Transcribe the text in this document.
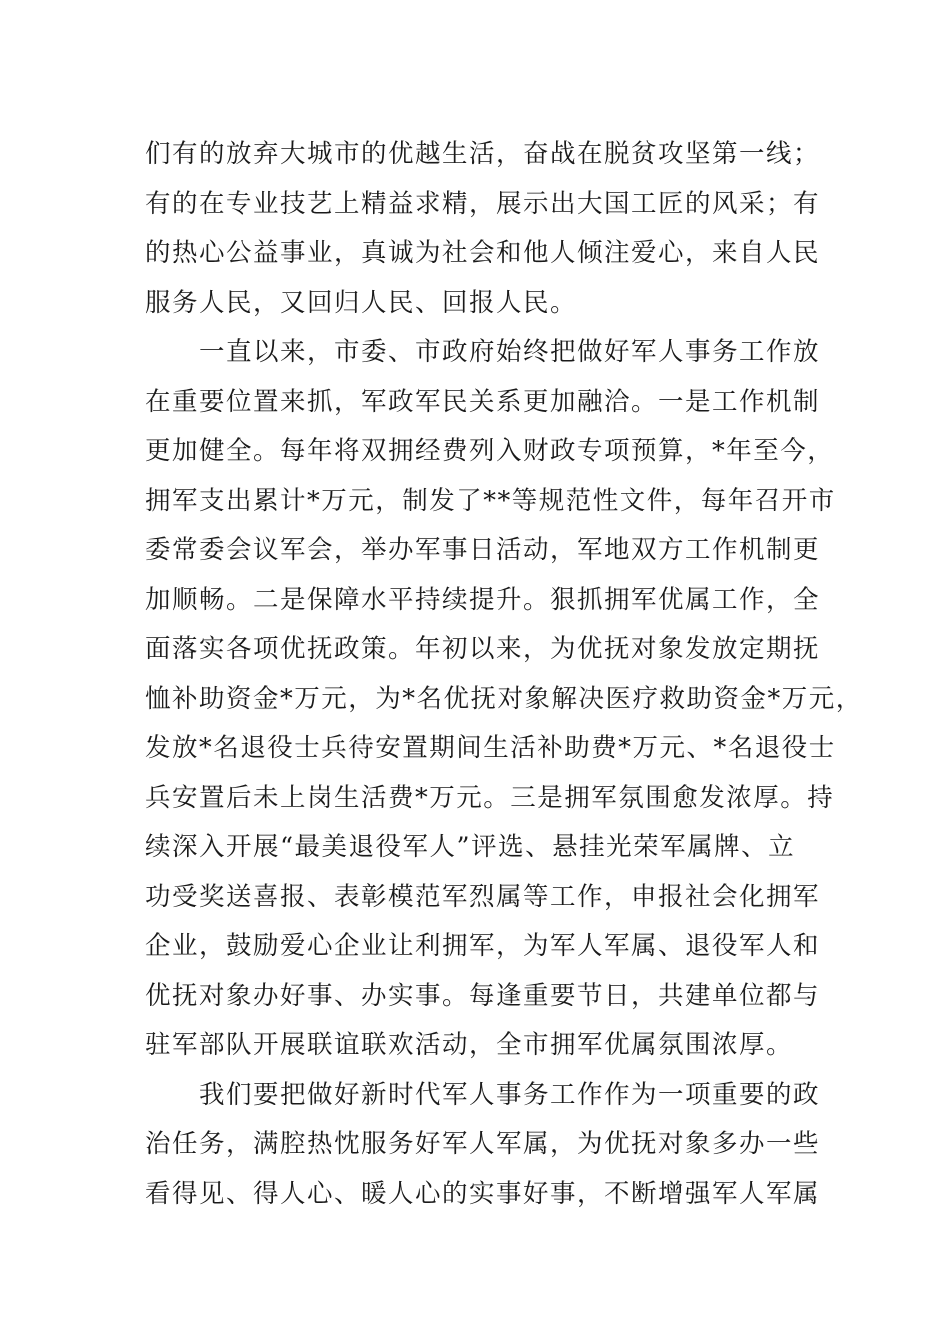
们有的放弃大城市的优越生活，奋战在脱贫攻坚第一线；
有的在专业技艺上精益求精，展示出大国工匠的风采；有
的热心公益事业，真诚为社会和他人倾注爱心，来自人民
服务人民，又回归人民、回报人民。
一直以来，市委、市政府始终把做好军人事务工作放
在重要位置来抓，军政军民关系更加融洽。一是工作机制
更加健全。每年将双拥经费列入财政专项预算，*年至今，
拥军支出累计*万元，制发了**等规范性文件，每年召开市
委常委会议军会，举办军事日活动，军地双方工作机制更
加顺畅。二是保障水平持续提升。狠抓拥军优属工作，全
面落实各项优抚政策。年初以来，为优抚对象发放定期抚
恤补助资金*万元，为*名优抚对象解决医疗救助资金*万元，
发放*名退役士兵待安置期间生活补助费*万元、*名退役士
兵安置后未上岗生活费*万元。三是拥军氛围愈发浓厚。持
续深入开展“最美退役军人”评选、悬挂光荣军属牌、立
功受奖送喜报、表彰模范军烈属等工作，申报社会化拥军
企业，鼓励爱心企业让利拥军，为军人军属、退役军人和
优抚对象办好事、办实事。每逢重要节日，共建单位都与
驻军部队开展联谊联欢活动，全市拥军优属氛围浓厚。
我们要把做好新时代军人事务工作作为一项重要的政
治任务，满腔热忱服务好军人军属，为优抚对象多办一些
看得见、得人心、暖人心的实事好事，不断增强军人军属
